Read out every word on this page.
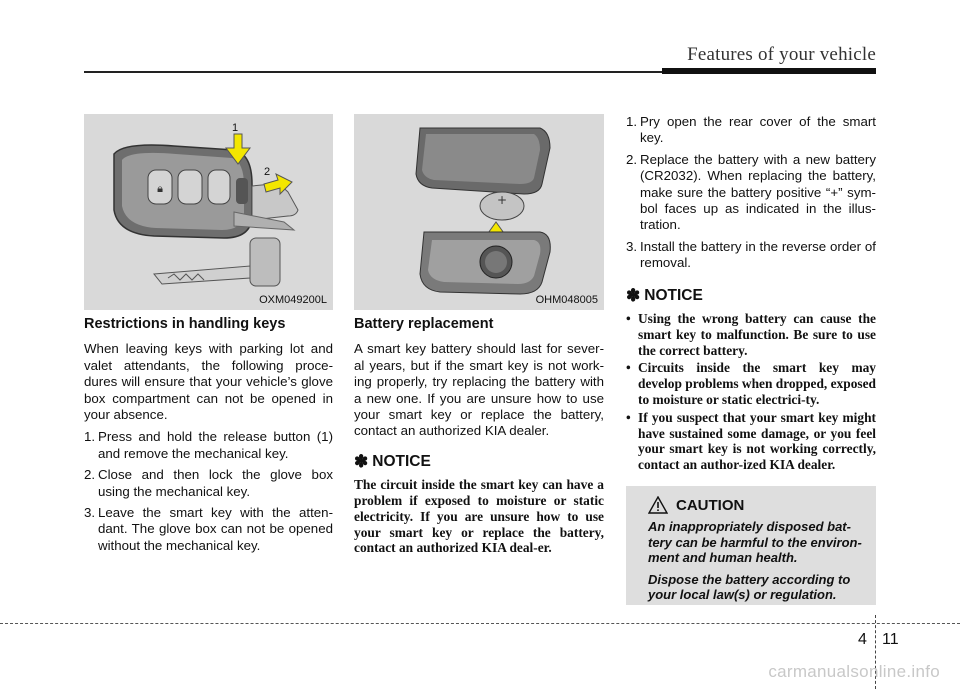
Features of your vehicle
🔒︎
1
2
OXM049200L
+
OHM048005
Restrictions in handling keys

When leaving keys with parking lot and valet attendants, the following proce-dures will ensure that your vehicle’s glove box compartment can not be opened in your absence.

1. Press and hold the release button (1) and remove the mechanical key.
2. Close and then lock the glove box using the mechanical key.
3. Leave the smart key with the atten-dant. The glove box can not be opened without the mechanical key.
Battery replacement

A smart key battery should last for sever-al years, but if the smart key is not work-ing properly, try replacing the battery with a new one. If you are unsure how to use your smart key or replace the battery, contact an authorized KIA dealer.

✽ NOTICE

The circuit inside the smart key can have a problem if exposed to moisture or static electricity. If you are unsure how to use your smart key or replace the battery, contact an authorized KIA deal-er.

1. Pry open the rear cover of the smart key.
2. Replace the battery with a new battery (CR2032). When replacing the battery, make sure the battery positive “+” sym-bol faces up as indicated in the illus-tration.
3. Install the battery in the reverse order of removal.
✽ NOTICE
• Using the wrong battery can cause the smart key to malfunction. Be sure to use the correct battery.
• Circuits inside the smart key may develop problems when dropped, exposed to moisture or static electrici-ty.
• If you suspect that your smart key might have sustained some damage, or you feel your smart key is not working correctly, contact an author-ized KIA dealer.
CAUTION

An inappropriately disposed bat-tery can be harmful to the environ-ment and human health.

Dispose the battery according to your local law(s) or regulation.

4 11
carmanualsonline.info
